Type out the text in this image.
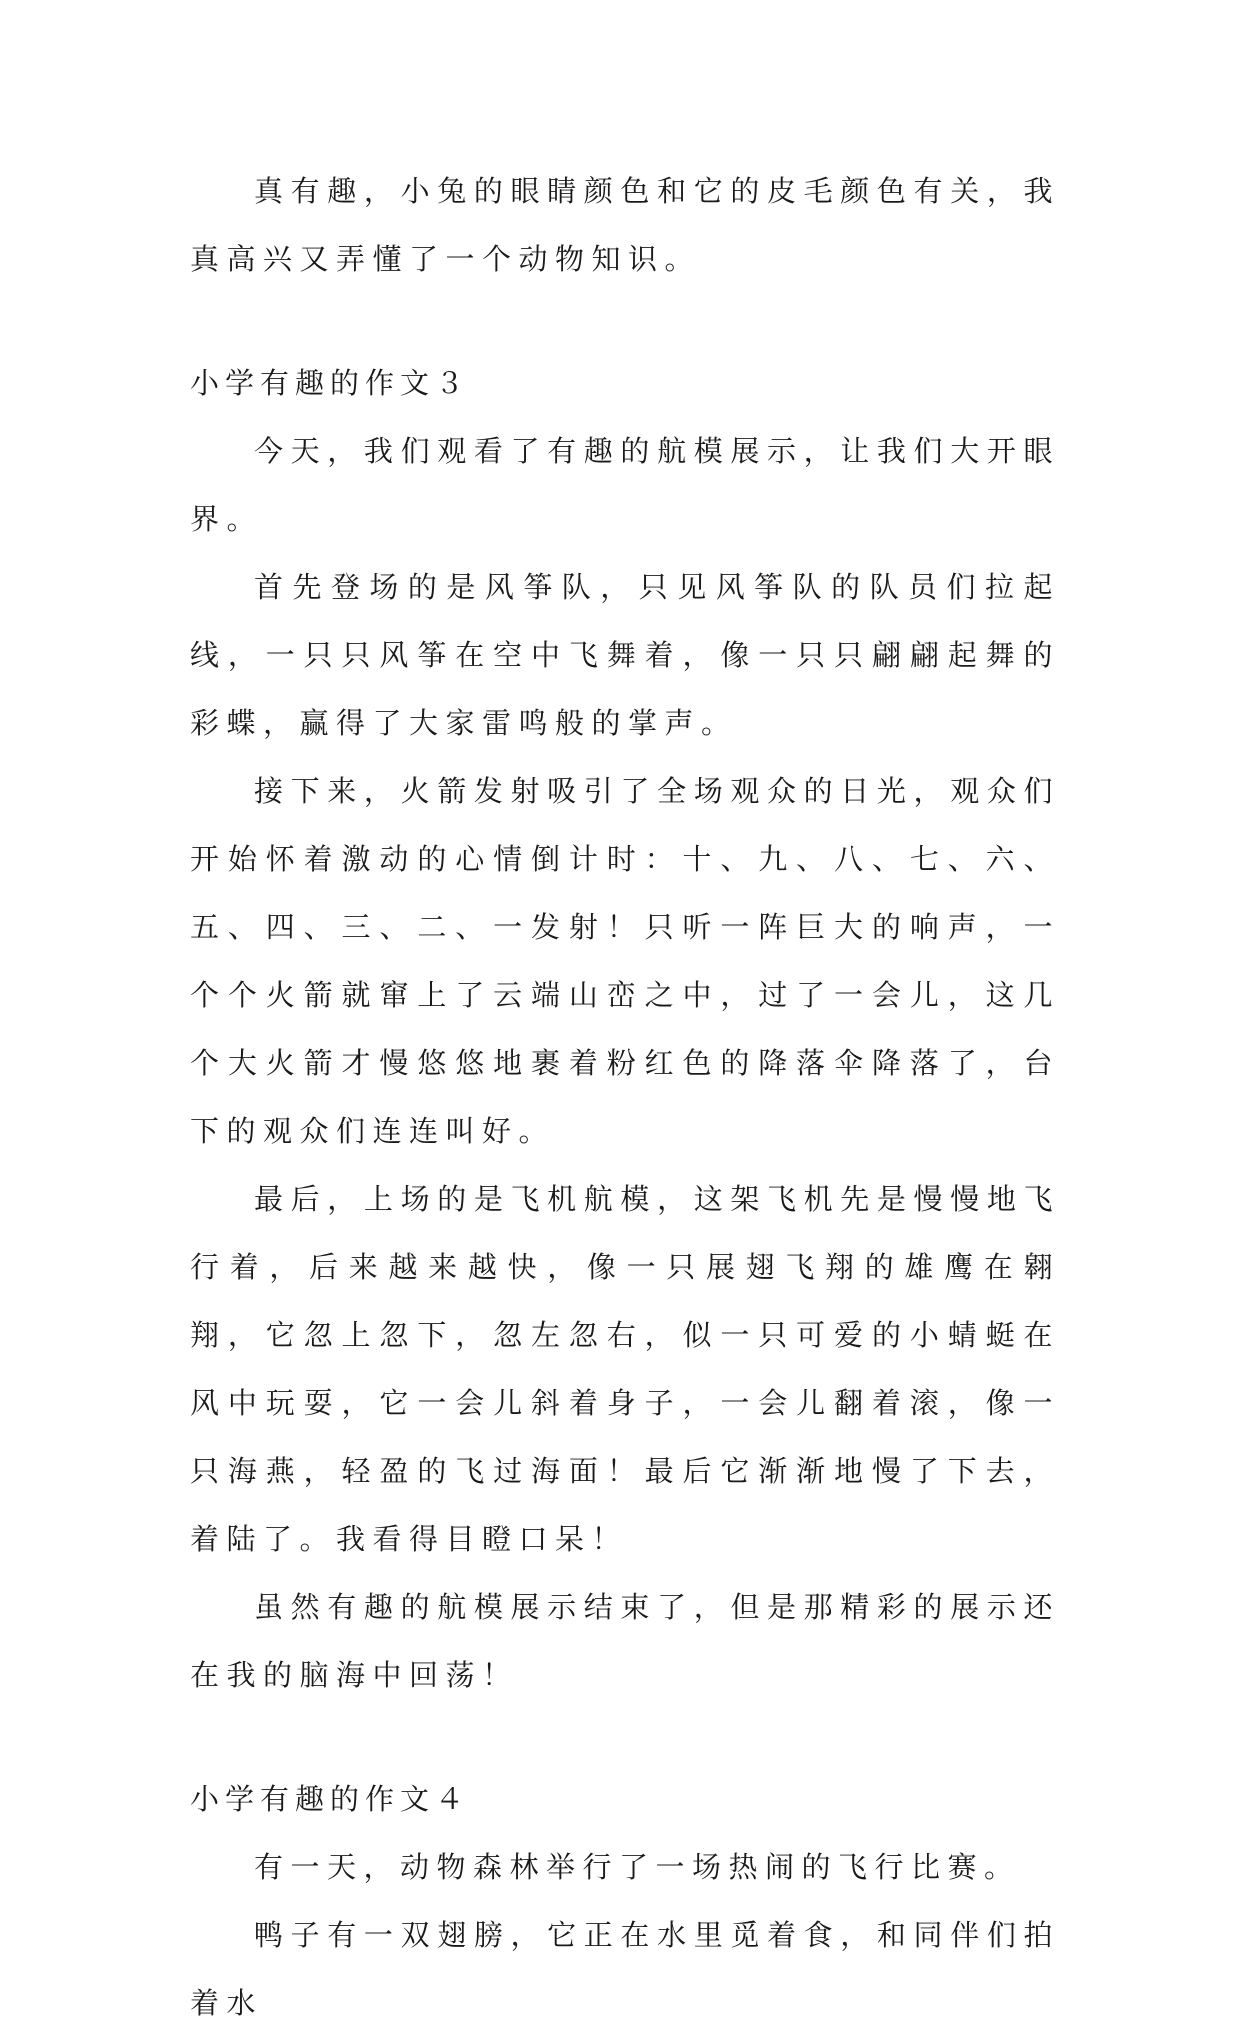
真有趣，小兔的眼睛颜色和它的皮毛颜色有关，我真高兴又弄懂了一个动物知识。

小学有趣的作文３

今天，我们观看了有趣的航模展示，让我们大开眼界。

首先登场的是风筝队，只见风筝队的队员们拉起线，一只只风筝在空中飞舞着，像一只只翩翩起舞的彩蝶，赢得了大家雷鸣般的掌声。

接下来，火箭发射吸引了全场观众的日光，观众们开始怀着激动的心情倒计时：十、九、八、七、六、五、四、三、二、一发射！只听一阵巨大的响声，一个个火箭就窜上了云端山峦之中，过了一会儿，这几个大火箭才慢悠悠地裹着粉红色的降落伞降落了，台下的观众们连连叫好。

最后，上场的是飞机航模，这架飞机先是慢慢地飞行着，后来越来越快，像一只展翅飞翔的雄鹰在翱翔，它忽上忽下，忽左忽右，似一只可爱的小蜻蜓在风中玩耍，它一会儿斜着身子，一会儿翻着滚，像一只海燕，轻盈的飞过海面！最后它渐渐地慢了下去，着陆了。我看得目瞪口呆！

虽然有趣的航模展示结束了，但是那精彩的展示还在我的脑海中回荡！

小学有趣的作文４

有一天，动物森林举行了一场热闹的飞行比赛。

鸭子有一双翅膀，它正在水里觅着食，和同伴们拍着水
